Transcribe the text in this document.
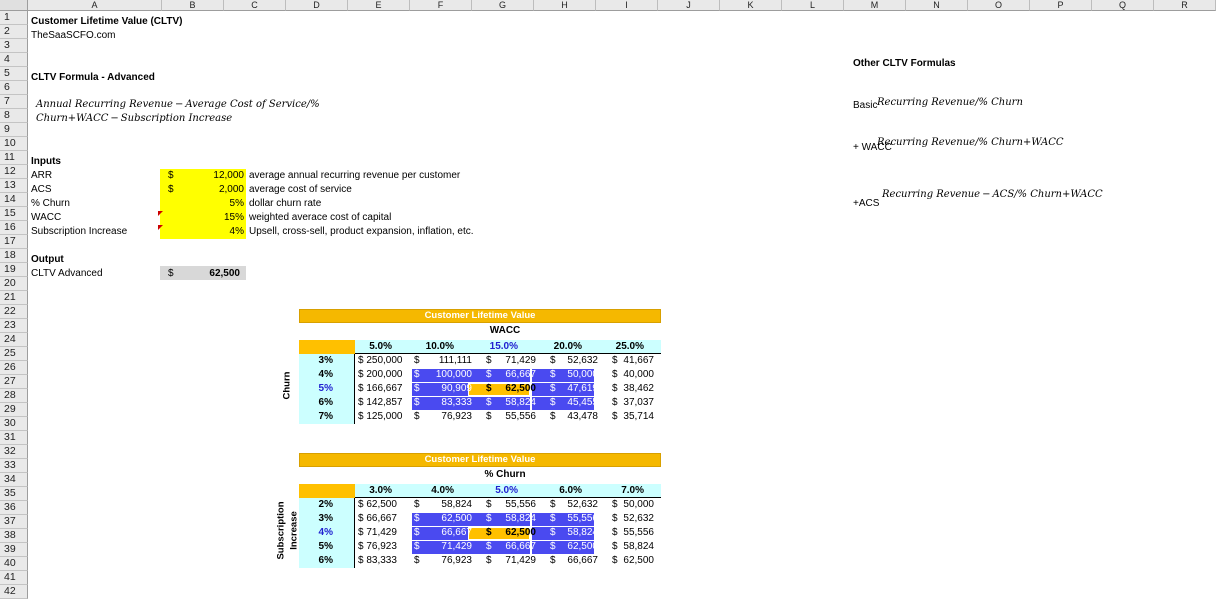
A	B	C	D	E	F	G	H	I	J	K	L	M	N	O	P	Q	R
1
2
3
4
5
6
7
8
9
10
11
12
13
14
15
16
17
18
19
20
21
22
23
24
25
26
27
28
29
30
31
32
33
34
35
36
37
38
39
40
41
42
Customer Lifetime Value (CLTV)
TheSaaSCFO.com
CLTV Formula - Advanced
Annual Recurring Revenue − Average Cost of Service/%
Churn+WACC − Subscription Increase
Inputs
ARR	$	12,000 average annual recurring revenue per customer
ACS	$	2,000 average cost of service
% Churn	5% dollar churn rate
WACC	15% weighted averace cost of capital
Subscription Increase	4% Upsell, cross-sell, product expansion, inflation, etc.
Output
CLTV Advanced	$	62,500
Other CLTV Formulas
Basic Recurring Revenue/% Churn
+ WACC
Recurring Revenue/% Churn+WACC
+ACS
Recurring Revenue − ACS/% Churn+WACC
Customer Lifetime Value
WACC
Churn
5.0%	10.0%	15.0%	20.0%	25.0%
3%	$ 250,000	$	111,111 $	71,429 $	52,632 $ 41,667
4%	$ 200,000	$	100,000 $	66,667 $	50,000 $ 40,000
5%	$ 166,667	$	90,909 $	62,500 $	47,619 $ 38,462
6%	$ 142,857	$	83,333 $	58,824 $	45,455 $ 37,037
7%	$ 125,000	$	76,923 $	55,556 $	43,478 $ 35,714
Customer Lifetime Value
% Churn
Subscription Increase
3.0%	4.0%	5.0%	6.0%	7.0%
2%	$ 62,500	$	58,824 $	55,556 $	52,632 $ 50,000
3%	$ 66,667	$	62,500 $	58,824 $	55,556 $ 52,632
4%	$ 71,429	$	66,667 $	62,500 $	58,824 $ 55,556
5%	$ 76,923	$	71,429 $	66,667 $	62,500 $ 58,824
6%	$ 83,333	$	76,923 $	71,429 $	66,667 $ 62,500
